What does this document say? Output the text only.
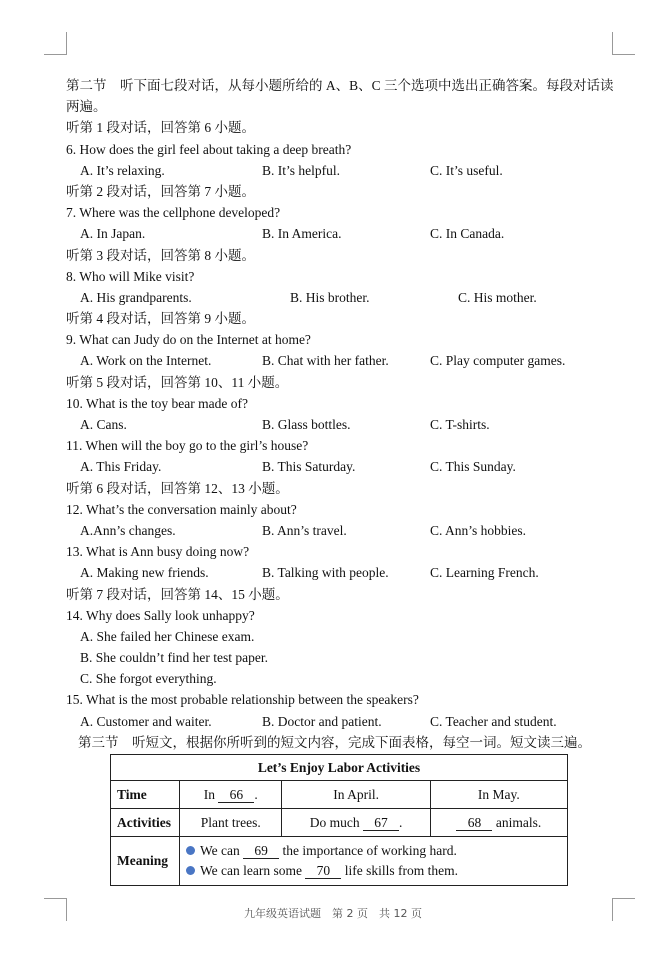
第二节　听下面七段对话，从每小题所给的 A、B、C 三个选项中选出正确答案。每段对话读两遍。
听第 1 段对话，回答第 6 小题。
6. How does the girl feel about taking a deep breath?
A. It’s relaxing.	B. It’s helpful.	C. It’s useful.
听第 2 段对话，回答第 7 小题。
7. Where was the cellphone developed?
A. In Japan.	B. In America.	C. In Canada.
听第 3 段对话，回答第 8 小题。
8. Who will Mike visit?
A. His grandparents.	B. His brother.	C. His mother.
听第 4 段对话，回答第 9 小题。
9. What can Judy do on the Internet at home?
A. Work on the Internet.	B. Chat with her father.	C. Play computer games.
听第 5 段对话，回答第 10、11 小题。
10. What is the toy bear made of?
A. Cans.	B. Glass bottles.	C. T-shirts.
11. When will the boy go to the girl’s house?
A. This Friday.	B. This Saturday.	C. This Sunday.
听第 6 段对话，回答第 12、13 小题。
12. What’s the conversation mainly about?
A.Ann’s changes.	B. Ann’s travel.	C. Ann’s hobbies.
13. What is Ann busy doing now?
A. Making new friends.	B. Talking with people.	C. Learning French.
听第 7 段对话，回答第 14、15 小题。
14. Why does Sally look unhappy?
A. She failed her Chinese exam.
B. She couldn’t find her test paper.
C. She forgot everything.
15. What is the most probable relationship between the speakers?
A. Customer and waiter.	B. Doctor and patient.	C. Teacher and student.
第三节　听短文，根据你所听到的短文内容，完成下面表格，每空一词。短文读三遍。
Let’s Enjoy Labor Activities			
Time	In 66 .	In April.	In May.
Activities	Plant trees.	Do much 67 .	68 animals.
Meaning	We can 69 the importance of working hard.
We can learn some 70 life skills from them.		
九年级英语试题　第 2 页　共 12 页
